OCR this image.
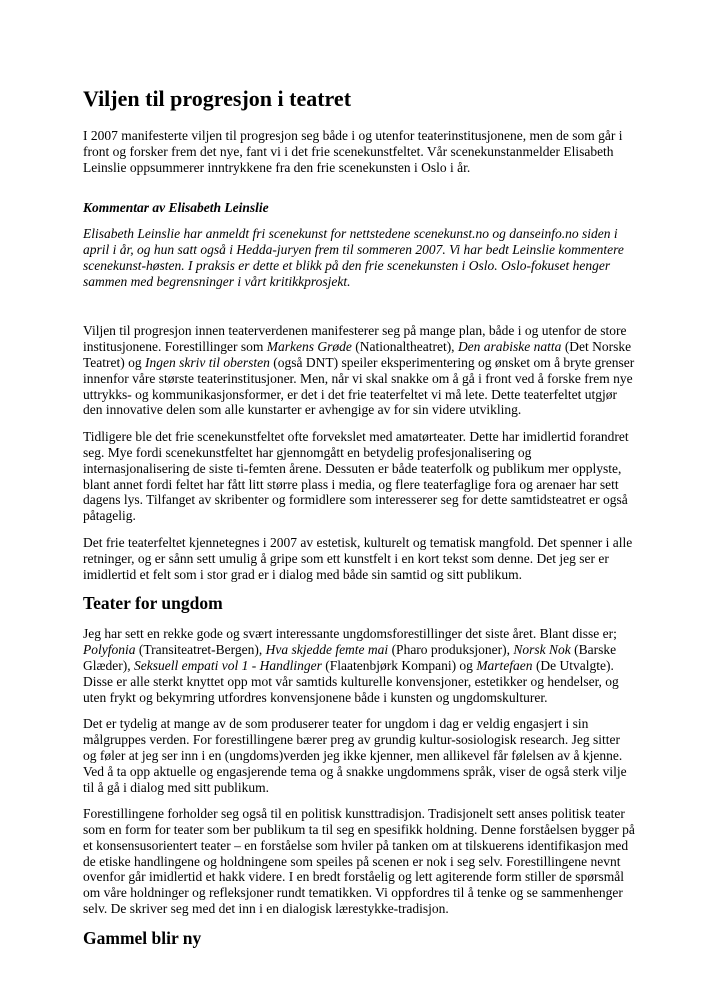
Viljen til progresjon i teatret

I 2007 manifesterte viljen til progresjon seg både i og utenfor teaterinstitusjonene, men de som går i front og forsker frem det nye, fant vi i det frie scenekunstfeltet. Vår scenekunstanmelder Elisabeth Leinslie oppsummerer inntrykkene fra den frie scenekunsten i Oslo i år.

Kommentar av Elisabeth Leinslie

Elisabeth Leinslie har anmeldt fri scenekunst for nettstedene scenekunst.no og danseinfo.no siden i april i år, og hun satt også i Hedda-juryen frem til sommeren 2007. Vi har bedt Leinslie kommentere scenekunst-høsten. I praksis er dette et blikk på den frie scenekunsten i Oslo. Oslo-fokuset henger sammen med begrensninger i vårt kritikkprosjekt.

Viljen til progresjon innen teaterverdenen manifesterer seg på mange plan, både i og utenfor de store institusjonene. Forestillinger som Markens Grøde (Nationaltheatret), Den arabiske natta (Det Norske Teatret) og Ingen skriv til obersten (også DNT) speiler eksperimentering og ønsket om å bryte grenser innenfor våre største teaterinstitusjoner. Men, når vi skal snakke om å gå i front ved å forske frem nye uttrykks- og kommunikasjonsformer, er det i det frie teaterfeltet vi må lete. Dette teaterfeltet utgjør den innovative delen som alle kunstarter er avhengige av for sin videre utvikling.

Tidligere ble det frie scenekunstfeltet ofte forvekslet med amatørteater. Dette har imidlertid forandret seg. Mye fordi scenekunstfeltet har gjennomgått en betydelig profesjonalisering og internasjonalisering de siste ti-femten årene. Dessuten er både teaterfolk og publikum mer opplyste, blant annet fordi feltet har fått litt større plass i media, og flere teaterfaglige fora og arenaer har sett dagens lys. Tilfanget av skribenter og formidlere som interesserer seg for dette samtidsteatret er også påtagelig.

Det frie teaterfeltet kjennetegnes i 2007 av estetisk, kulturelt og tematisk mangfold. Det spenner i alle retninger, og er sånn sett umulig å gripe som ett kunstfelt i en kort tekst som denne. Det jeg ser er imidlertid et felt som i stor grad er i dialog med både sin samtid og sitt publikum.

Teater for ungdom

Jeg har sett en rekke gode og svært interessante ungdomsforestillinger det siste året. Blant disse er; Polyfonia (Transiteatret-Bergen), Hva skjedde femte mai (Pharo produksjoner), Norsk Nok (Barske Glæder), Seksuell empati vol 1 - Handlinger (Flaatenbjørk Kompani) og Martefaen (De Utvalgte). Disse er alle sterkt knyttet opp mot vår samtids kulturelle konvensjoner, estetikker og hendelser, og uten frykt og bekymring utfordres konvensjonene både i kunsten og ungdomskulturer.

Det er tydelig at mange av de som produserer teater for ungdom i dag er veldig engasjert i sin målgruppes verden. For forestillingene bærer preg av grundig kultur-sosiologisk research. Jeg sitter og føler at jeg ser inn i en (ungdoms)verden jeg ikke kjenner, men allikevel får følelsen av å kjenne. Ved å ta opp aktuelle og engasjerende tema og å snakke ungdommens språk, viser de også sterk vilje til å gå i dialog med sitt publikum.

Forestillingene forholder seg også til en politisk kunsttradisjon. Tradisjonelt sett anses politisk teater som en form for teater som ber publikum ta til seg en spesifikk holdning. Denne forståelsen bygger på et konsensusorientert teater – en forståelse som hviler på tanken om at tilskuerens identifikasjon med de etiske handlingene og holdningene som speiles på scenen er nok i seg selv. Forestillingene nevnt ovenfor går imidlertid et hakk videre. I en bredt forståelig og lett agiterende form stiller de spørsmål om våre holdninger og refleksjoner rundt tematikken. Vi oppfordres til å tenke og se sammenhenger selv. De skriver seg med det inn i en dialogisk lærestykke-tradisjon.

Gammel blir ny
